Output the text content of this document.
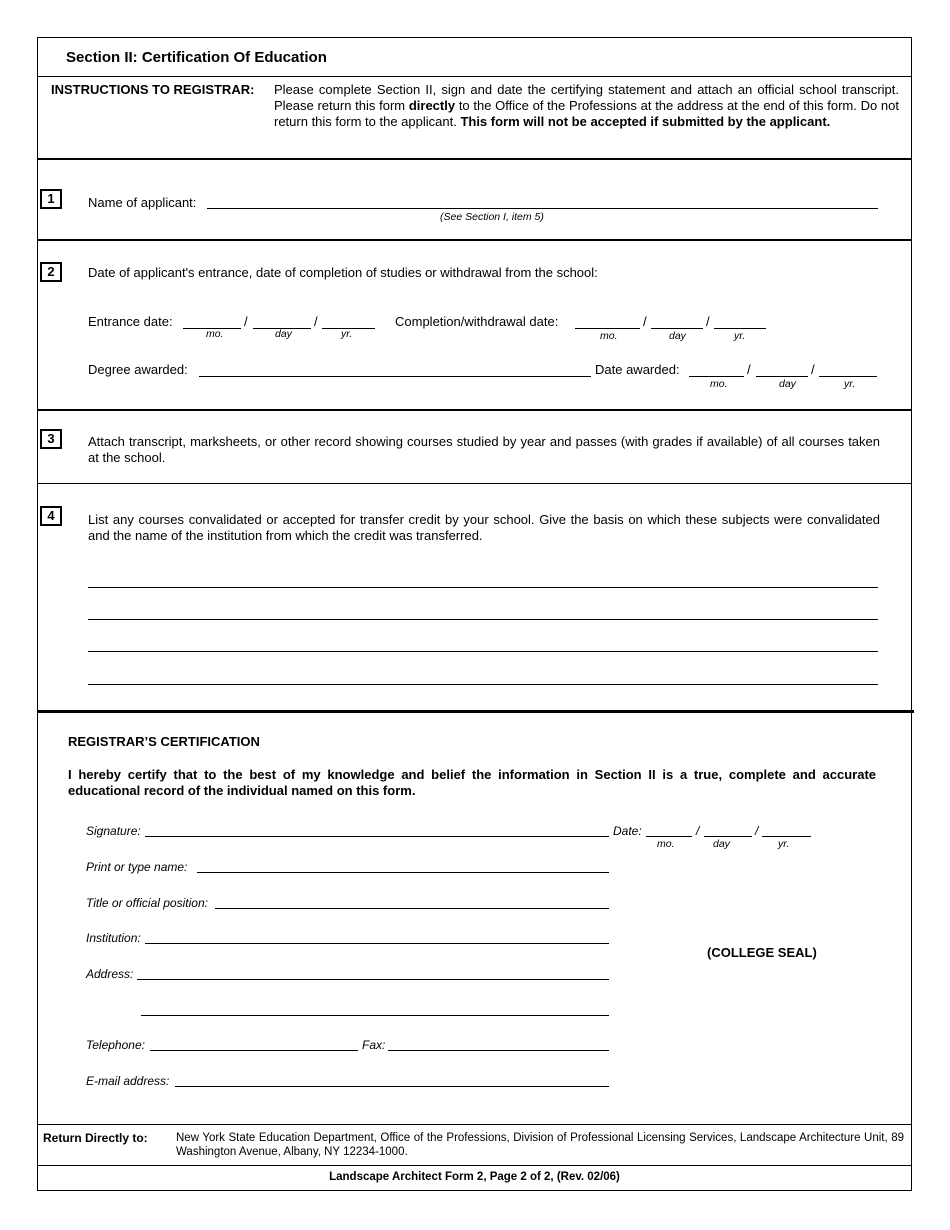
Section II: Certification Of Education
INSTRUCTIONS TO REGISTRAR: Please complete Section II, sign and date the certifying statement and attach an official school transcript. Please return this form directly to the Office of the Professions at the address at the end of this form. Do not return this form to the applicant. This form will not be accepted if submitted by the applicant.
1	Name of applicant:
(See Section I, item 5)
2	Date of applicant's entrance, date of completion of studies or withdrawal from the school:
Entrance date:	/	/
mo.	day	yr.
Completion/withdrawal date:	/	/
mo.	day	yr.
Degree awarded:	Date awarded:	/	/
mo.	day	yr.
3	Attach transcript, marksheets, or other record showing courses studied by year and passes (with grades if available) of all courses taken at the school.
4	List any courses convalidated or accepted for transfer credit by your school. Give the basis on which these subjects were convalidated and the name of the institution from which the credit was transferred.
REGISTRAR’S CERTIFICATION
I hereby certify that to the best of my knowledge and belief the information in Section II is a true, complete and accurate educational record of the individual named on this form.
Signature:	Date:	/	/
mo.	day	yr.
Print or type name:
Title or official position:
Institution:
Address:
Telephone:	Fax:
E-mail address:
(COLLEGE SEAL)
Return Directly to: New York State Education Department, Office of the Professions, Division of Professional Licensing Services, Landscape Architecture Unit, 89 Washington Avenue, Albany, NY 12234-1000.
Landscape Architect Form 2, Page 2 of 2, (Rev. 02/06)
